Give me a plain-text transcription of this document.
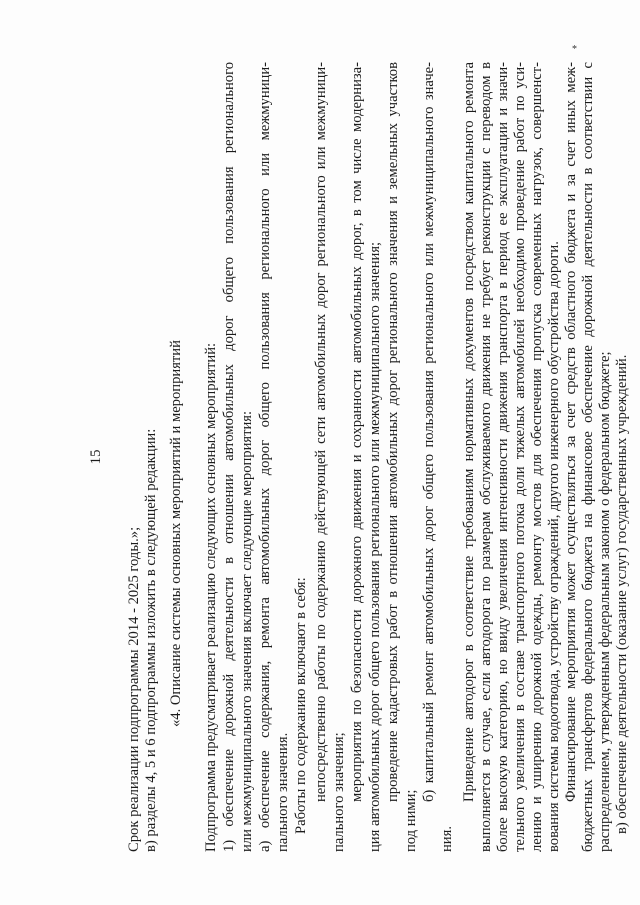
*
15
Срок реализации подпрограммы 2014 - 2025 годы.»; в) разделы 4, 5 и 6 подпрограммы изложить в следующей редакции: «4. Описание системы основных мероприятий и мероприятий Подпрограмма предусматривает реализацию следующих основных мероприятий: 1) обеспечение дорожной деятельности в отношении автомобильных дорог общего пользования регионального или межмуниципального значения включает следующие мероприятия: а) обеспечение содержания, ремонта автомобильных дорог общего пользования регионального или межмуници- пального значения. Работы по содержанию включают в себя: непосредственно работы по содержанию действующей сети автомобильных дорог регионального или межмуници- пального значения; мероприятия по безопасности дорожного движения и сохранности автомобильных дорог, в том числе модерниза- ция автомобильных дорог общего пользования регионального или межмуниципального значения; проведение кадастровых работ в отношении автомобильных дорог регионального значения и земельных участков
под ними;
б) капитальный ремонт автомобильных дорог общего пользования регионального или межмуниципального значе-
ния.
Приведение автодорог в соответствие требованиям нормативных документов посредством капитального ремонта выполняется в случае, если автодорога по размерам обслуживаемого движения не требует реконструкции с переводом в более высокую категорию, но ввиду увеличения интенсивности движения транспорта в период ее эксплуатации и значи- тельного увеличения в составе транспортного потока доли тяжелых автомобилей необходимо проведение работ по уси- лению и уширению дорожной одежды, ремонту мостов для обеспечения пропуска современных нагрузок, совершенст- вования системы водоотвода, устройству ограждений, другого инженерного обустройства дороги. Финансирование мероприятия может осуществляться за счет средств областного бюджета и за счет иных меж- бюджетных трансфертов федерального бюджета на финансовое обеспечение дорожной деятельности в соответствии с распределением, утвержденным федеральным законом о федеральном бюджете; в) обеспечение деятельности (оказание услуг) государственных учреждений.
